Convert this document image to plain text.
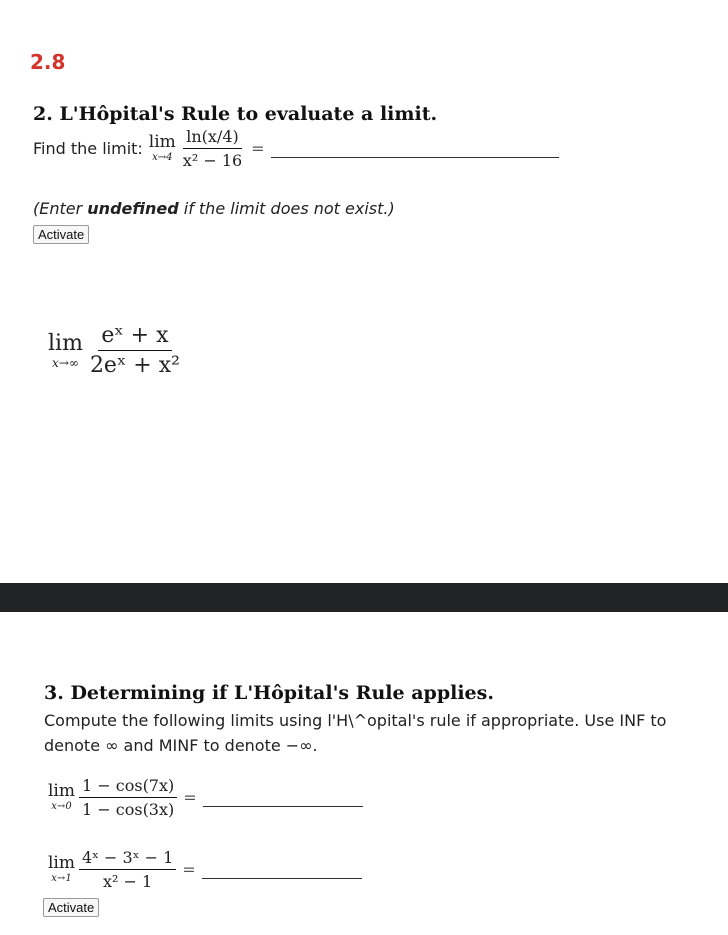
2.8
2. L'Hôpital's Rule to evaluate a limit.
Find the limit: lim
$x\to 4 \frac{\ln(x/4)}{\text{x² − 16}}$ =
(Enter undefined if the limit does not exist.)
Activate
lim
$x\to\infty \frac{\text{eˣ + x}}{\text{2eˣ + x²}}$
3. Determining if L'Hôpital's Rule applies.
Compute the following limits using l'H\^opital's rule if appropriate. Use INF to denote ∞ and MINF to denote −∞.
lim
$x\to 0 \frac{1 - \cos(7x)}{1 - \cos(3x)}$ =
lim
$x\to 1 \frac{\text{4ˣ − 3ˣ − 1}}{\text{x² − 1}}$ =
Activate
